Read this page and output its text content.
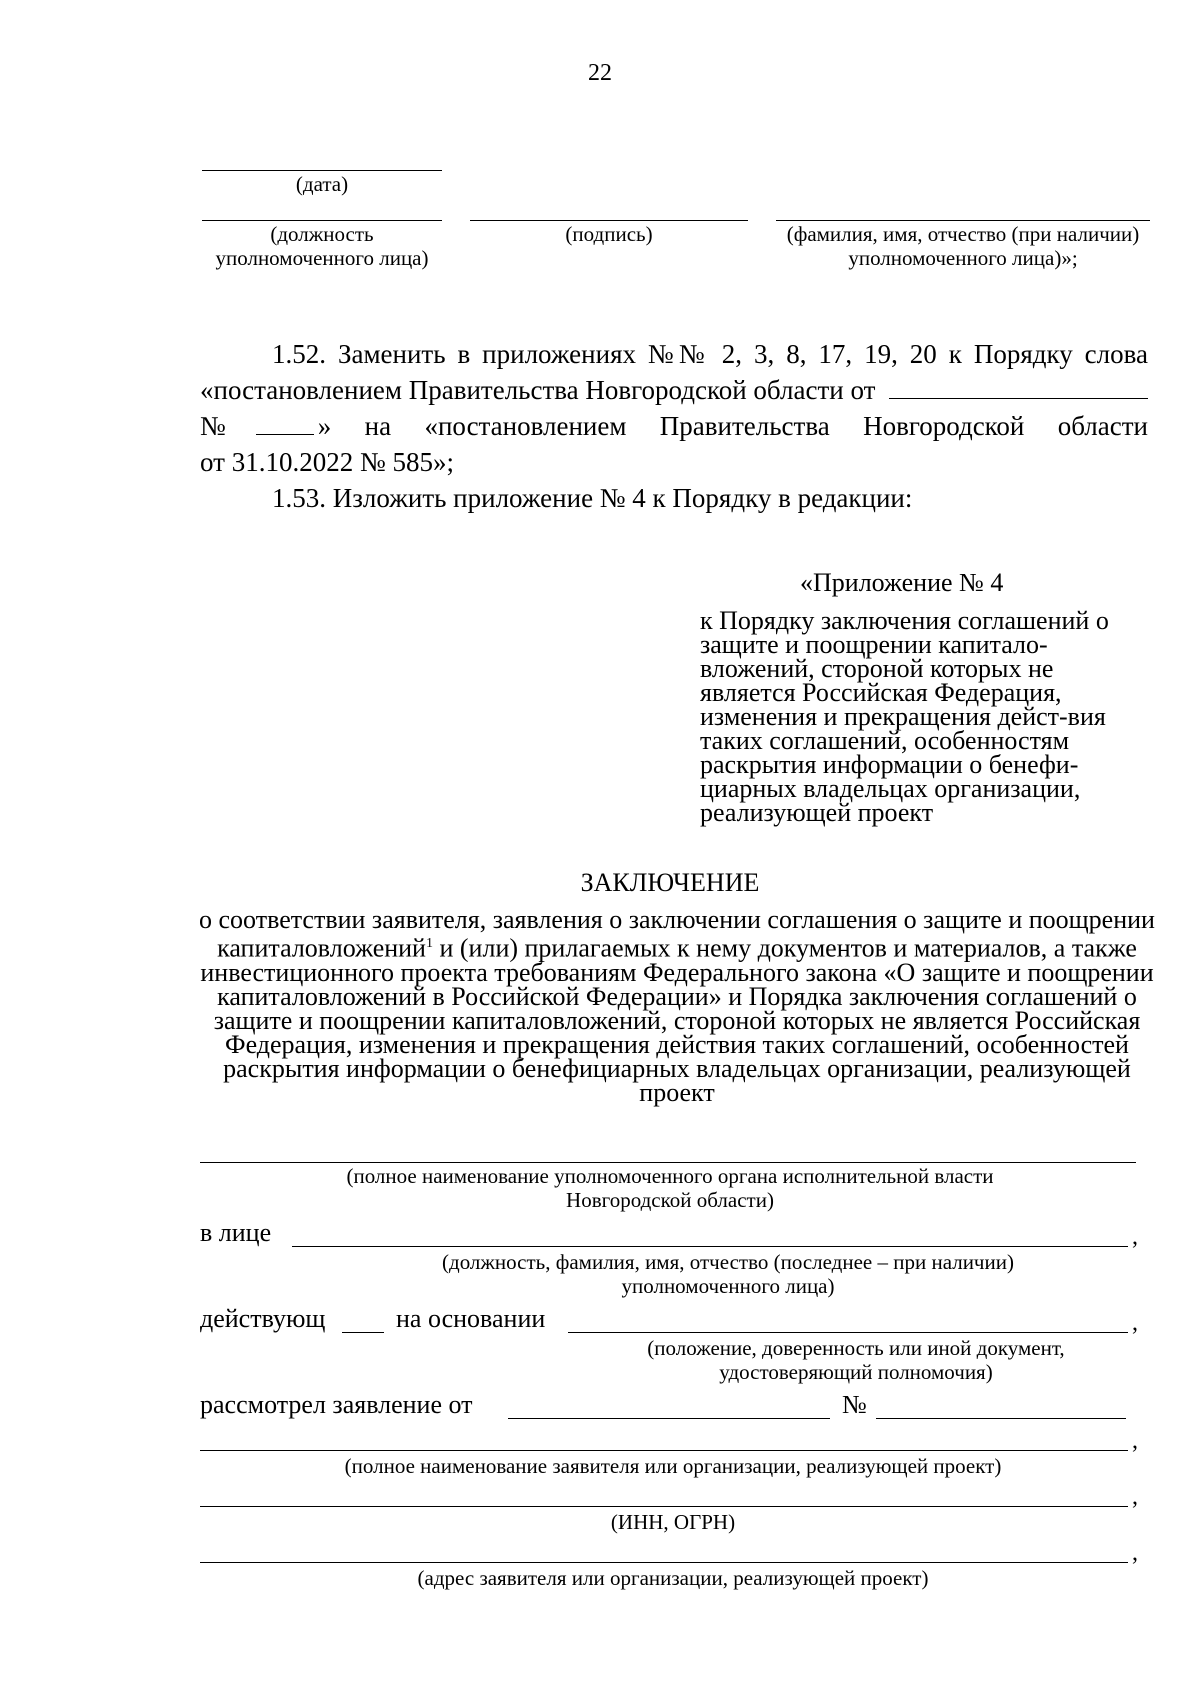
22
(дата)
(должность уполномоченного лица)
(подпись)	(фамилия, имя, отчество (при наличии) уполномоченного лица)»;
1.52. Заменить в приложениях №№ 2, 3, 8, 17, 19, 20 к Порядку слова
«постановлением Правительства Новгородской области от
№	» на «постановлением Правительства Новгородской области
от 31.10.2022 № 585»;
1.53. Изложить приложение № 4 к Порядку в редакции:
«Приложение № 4
к Порядку заключения соглашений о защите и поощрении капитало-вложений, стороной которых не является Российская Федерация, изменения и прекращения дейст-вия таких соглашений, особенностям раскрытия информации о бенефи-циарных владельцах организации, реализующей проект
ЗАКЛЮЧЕНИЕ
о соответствии заявителя, заявления о заключении соглашения о защите и поощрении капиталовложений$^1$ и (или) прилагаемых к нему документов и материалов, а также инвестиционного проекта требованиям Федерального закона «О защите и поощрении капиталовложений в Российской Федерации» и Порядка заключения соглашений о защите и поощрении капиталовложений, стороной которых не является Российская Федерация, изменения и прекращения действия таких соглашений, особенностей раскрытия информации о бенефициарных владельцах организации, реализующей проект
(полное наименование уполномоченного органа исполнительной власти Новгородской области)
в лице	,
(должность, фамилия, имя, отчество (последнее – при наличии) уполномоченного лица)
действующ	на основании	,
(положение, доверенность или иной документ, удостоверяющий полномочия)
рассмотрел заявление от	№
,
(полное наименование заявителя или организации, реализующей проект)
,
(ИНН, ОГРН)
,
(адрес заявителя или организации, реализующей проект)
